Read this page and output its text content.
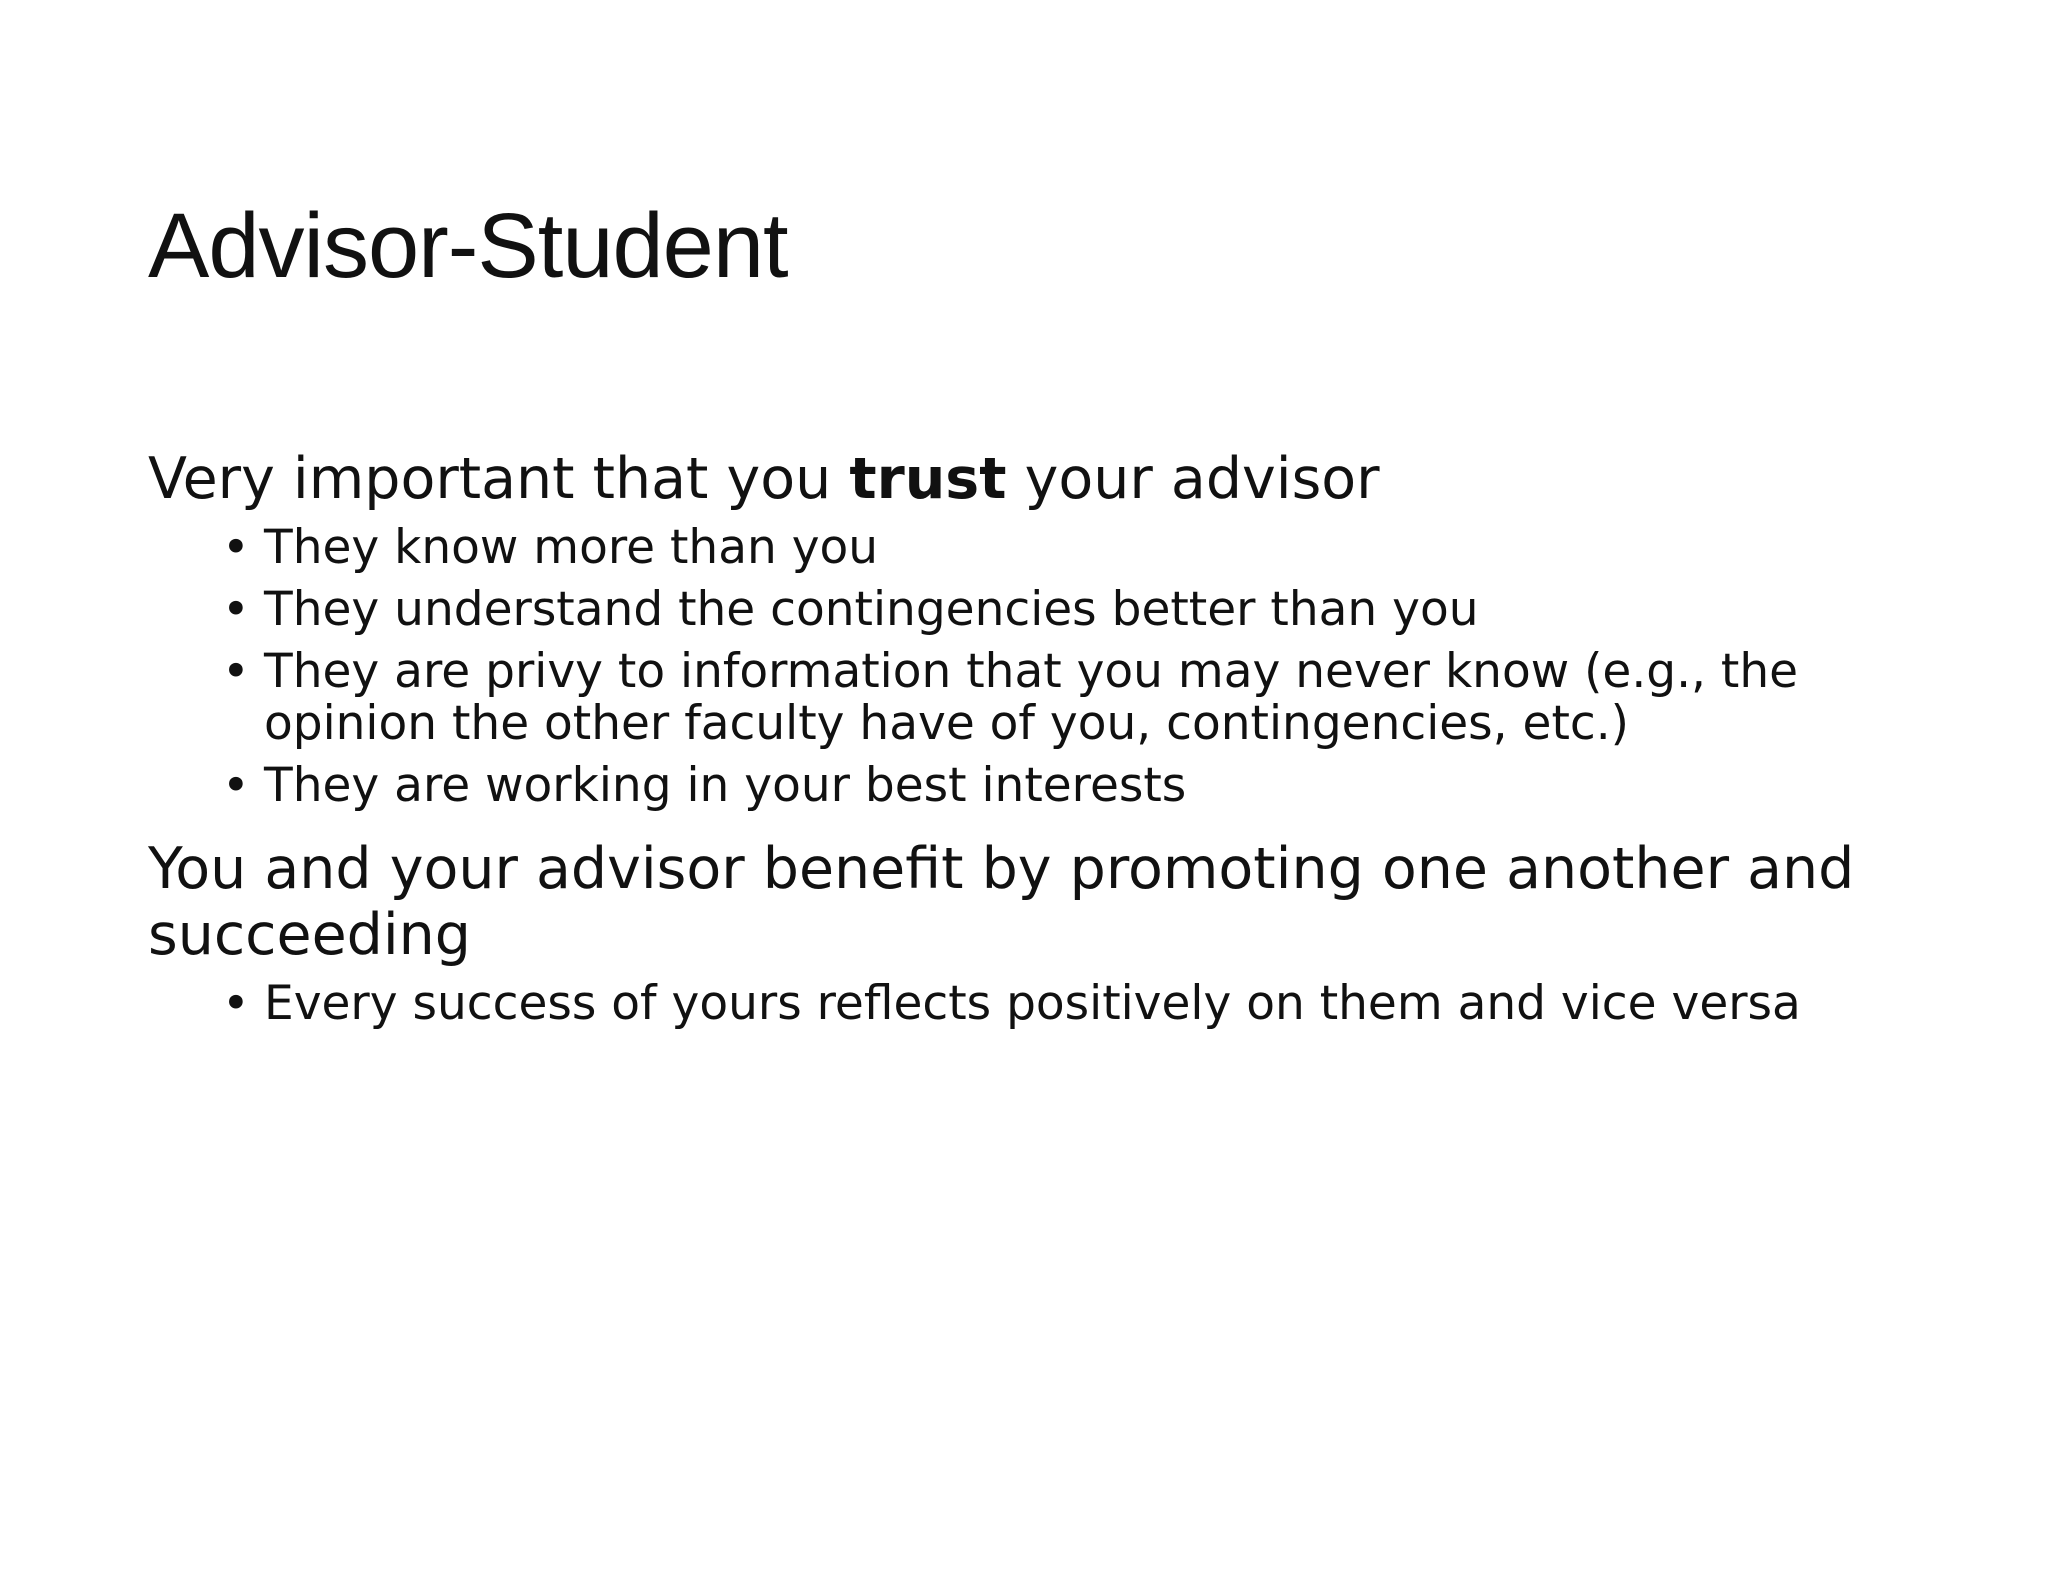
Advisor-Student

Very important that you trust your advisor

• They know more than you
• They understand the contingencies better than you
• They are privy to information that you may never know (e.g., the opinion the other faculty have of you, contingencies, etc.)
• They are working in your best interests

You and your advisor benefit by promoting one another and succeeding

• Every success of yours reflects positively on them and vice versa
